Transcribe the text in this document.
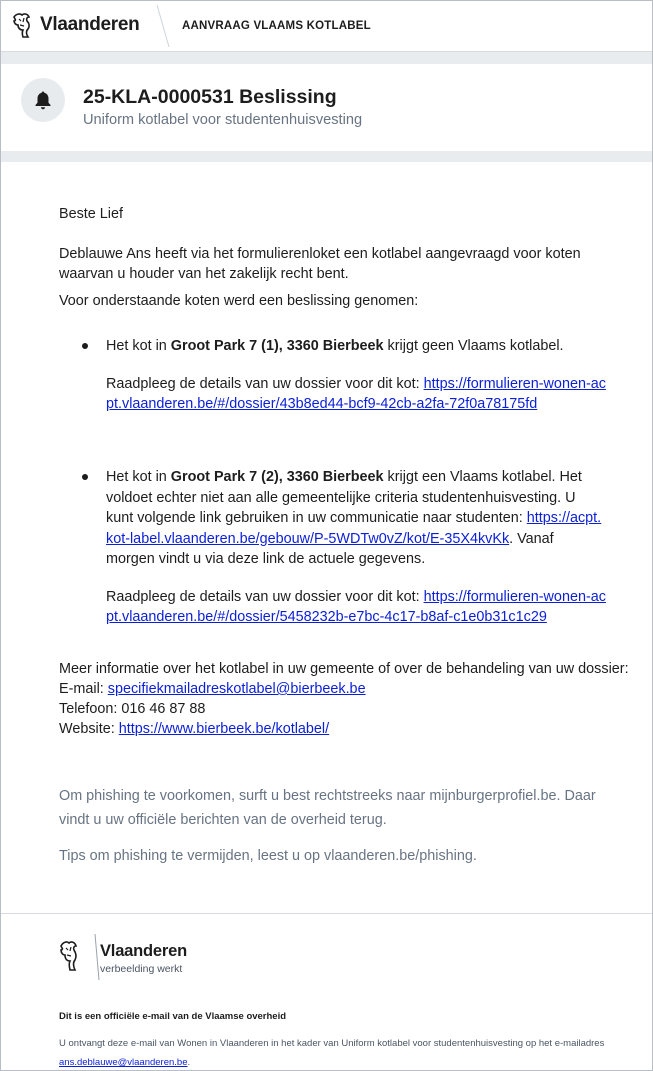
Vlaanderen	AANVRAAG VLAAMS KOTLABEL
25-KLA-0000531 Beslissing
Uniform kotlabel voor studentenhuisvesting

Beste Lief

Deblauwe Ans heeft via het formulierenloket een kotlabel aangevraagd voor koten waarvan u houder van het zakelijk recht bent.

Voor onderstaande koten werd een beslissing genomen:

Het kot in Groot Park 7 (1), 3360 Bierbeek krijgt geen Vlaams kotlabel.
Raadpleeg de details van uw dossier voor dit kot: https://formulieren-wonen-acpt.vlaanderen.be/#/dossier/43b8ed44-bcf9-42cb-a2fa-72f0a78175fd
Het kot in Groot Park 7 (2), 3360 Bierbeek krijgt een Vlaams kotlabel. Het voldoet echter niet aan alle gemeentelijke criteria studentenhuisvesting. U kunt volgende link gebruiken in uw communicatie naar studenten: https://acpt.kot-label.vlaanderen.be/gebouw/P-5WDTw0vZ/kot/E-35X4kvKk. Vanaf morgen vindt u via deze link de actuele gegevens.
Raadpleeg de details van uw dossier voor dit kot: https://formulieren-wonen-acpt.vlaanderen.be/#/dossier/5458232b-e7bc-4c17-b8af-c1e0b31c1c29
Meer informatie over het kotlabel in uw gemeente of over de behandeling van uw dossier:
E-mail: specifiekmailadreskotlabel@bierbeek.be
Telefoon: 016 46 87 88
Website: https://www.bierbeek.be/kotlabel/
Om phishing te voorkomen, surft u best rechtstreeks naar mijnburgerprofiel.be. Daar vindt u uw officiële berichten van de overheid terug.
Tips om phishing te vermijden, leest u op vlaanderen.be/phishing.
Vlaanderen
verbeelding werkt
Dit is een officiële e-mail van de Vlaamse overheid
U ontvangt deze e-mail van Wonen in Vlaanderen in het kader van Uniform kotlabel voor studentenhuisvesting op het e-mailadres ans.deblauwe@vlaanderen.be.
